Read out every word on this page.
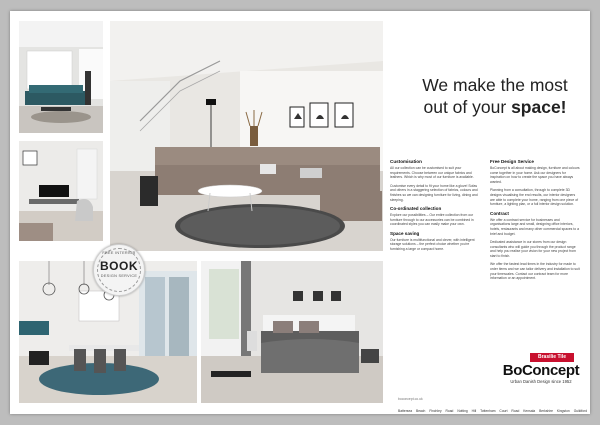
FREE INTERIOR
BOOK
DESIGN SERVICE
We make the most
out of your space!
Customisation

All our collection can be customised to suit your requirements. Choose between our unique fabrics and leathers. Which is why most of our furniture is available.

Customise every detail to fit your home like a glove! Sofas and others in a staggering selection of fabrics, colours and finishes so we can designing furniture for living, dining and sleeping.

Co-ordinated collection

Explore our possibilities – Our entire collection from our furniture through to our accessories can be combined in coordinated styles you can easily make your own.

Space saving

Our furniture is multifunctional and clever, with intelligent storage solutions – the perfect choice whether you're furnishing a large or compact home.

Free Design Service

BoConcept is all about making design, furniture and colours come together in your home. Ask our designers for inspiration on how to create the space you have always wanted.

Planning from a consultation, through to complete 3D designs visualising the end results, our interior designers are able to complete your home, ranging from one piece of furniture, a lighting plan, or a full interior design solution.

Contract

We offer a contract service for businesses and organisations large and small, designing office interiors, hotels, restaurants and many other commercial spaces to a brief and budget.

Dedicated assistance in our stores from our design consultants who will guide you through the product range and help you realise your vision for your new project from start to finish.

We offer the fastest lead times in the industry for made to order items and we can tailor delivery and installation to suit your timescales. Contact our contract team for more information or an appointment.

Brasilie Tile
BoConcept
Urban Danish Design since 1952
boconcept.co.uk
Battersea Beach Finchley Road Notting Hill Tottenham Court Road Kensala Berkshire Kingston Guildford
